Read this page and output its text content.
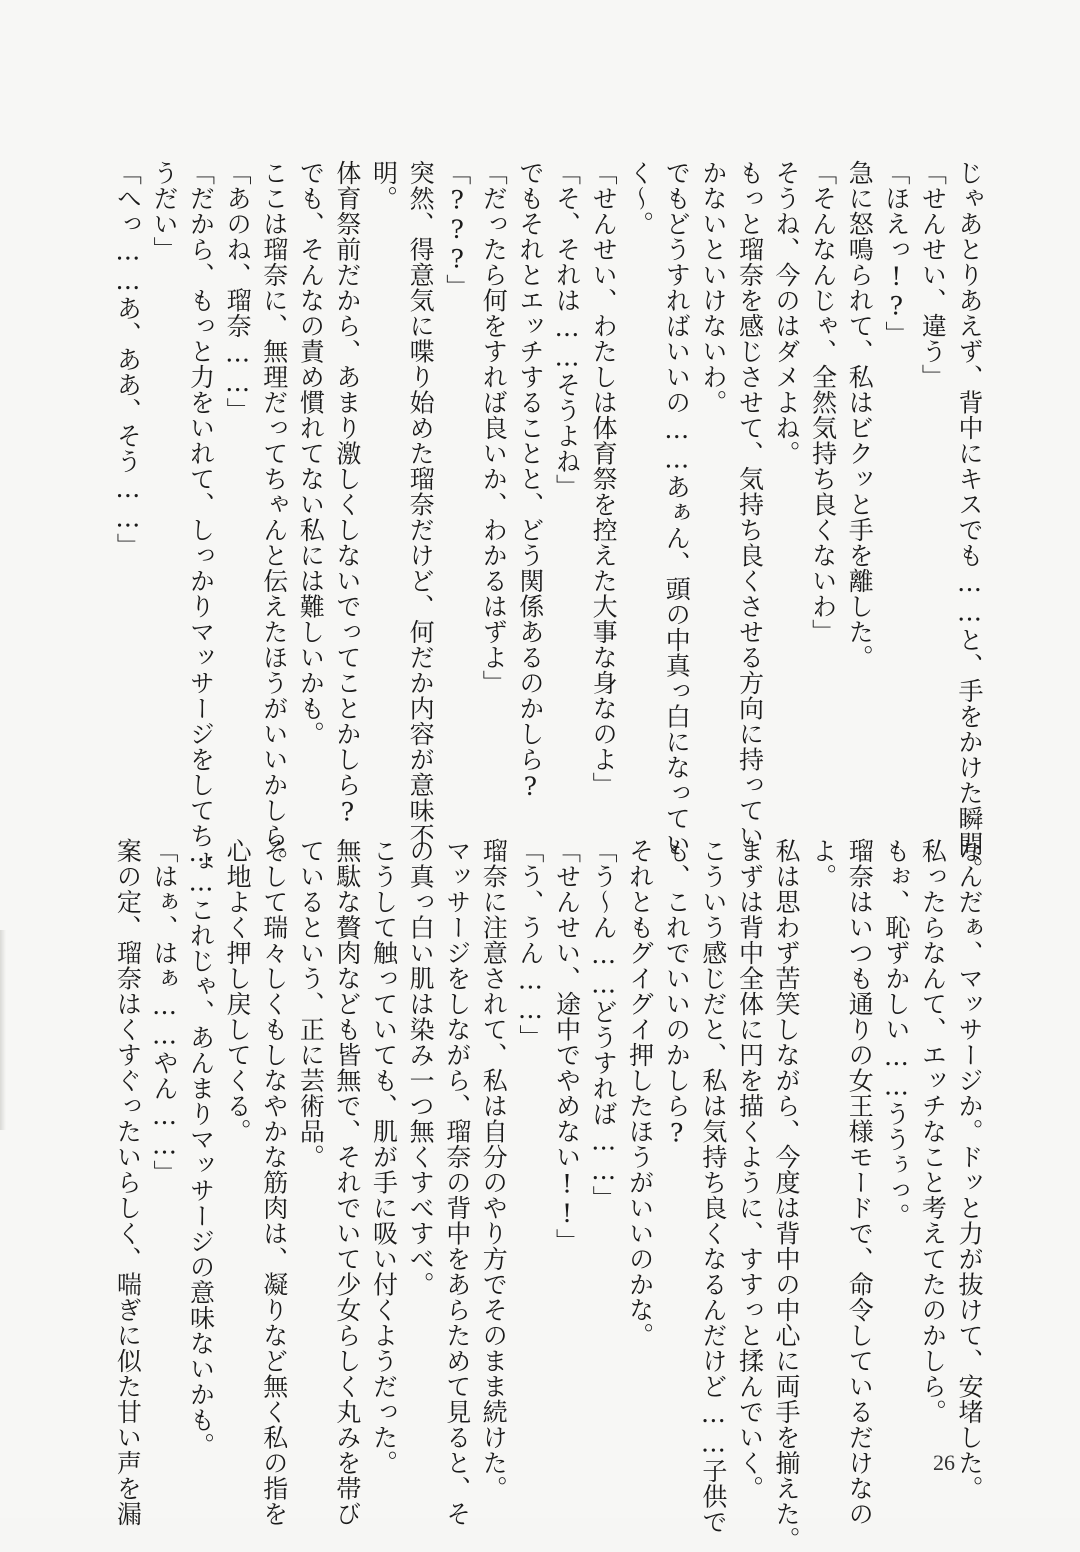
じゃあとりあえず、背中にキスでも……と、手をかけた瞬間。
「せんせい、違う」
「ほえっ!?」
急に怒鳴られて、私はビクッと手を離した。
「そんなんじゃ、全然気持ち良くないわ」
そうね、今のはダメよね。
もっと瑠奈を感じさせて、気持ち良くさせる方向に持ってい
かないといけないわ。
でもどうすればいいの……あぁん、頭の中真っ白になってい
く〜。
「せんせい、わたしは体育祭を控えた大事な身なのよ」
「そ、それは……そうよね」
でもそれとエッチすることと、どう関係あるのかしら?
「だったら何をすれば良いか、わかるはずよ」
「???」
突然、得意気に喋り始めた瑠奈だけど、何だか内容が意味不
明。
体育祭前だから、あまり激しくしないでってことかしら?
でも、そんなの責め慣れてない私には難しいかも。
ここは瑠奈に、無理だってちゃんと伝えたほうがいいかしら。
「あのね、瑠奈……」
「だから、もっと力をいれて、しっかりマッサージをしてちょ
うだい」
「へっ……あ、ああ、そう……」
なんだぁ、マッサージか。ドッと力が抜けて、安堵した。
私ったらなんて、エッチなこと考えてたのかしら。
もぉ、恥ずかしい……ううぅっ。
瑠奈はいつも通りの女王様モードで、命令しているだけなの
よ。
私は思わず苦笑しながら、今度は背中の中心に両手を揃えた。
まずは背中全体に円を描くように、すすっと揉んでいく。
こういう感じだと、私は気持ち良くなるんだけど……子供で
も、これでいいのかしら?
それともグイグイ押したほうがいいのかな。
「う〜ん……どうすれば……」
「せんせい、途中でやめない!!」
「う、うん……」
瑠奈に注意されて、私は自分のやり方でそのまま続けた。
マッサージをしながら、瑠奈の背中をあらためて見ると、そ
の真っ白い肌は染み一つ無くすべすべ。
こうして触っていても、肌が手に吸い付くようだった。
無駄な贅肉なども皆無で、それでいて少女らしく丸みを帯び
ているという、正に芸術品。
そして瑞々しくもしなやかな筋肉は、凝りなど無く私の指を
心地よく押し戻してくる。
……これじゃ、あんまりマッサージの意味ないかも。
「はぁ、はぁ……やん……」
案の定、瑠奈はくすぐったいらしく、喘ぎに似た甘い声を漏	26
